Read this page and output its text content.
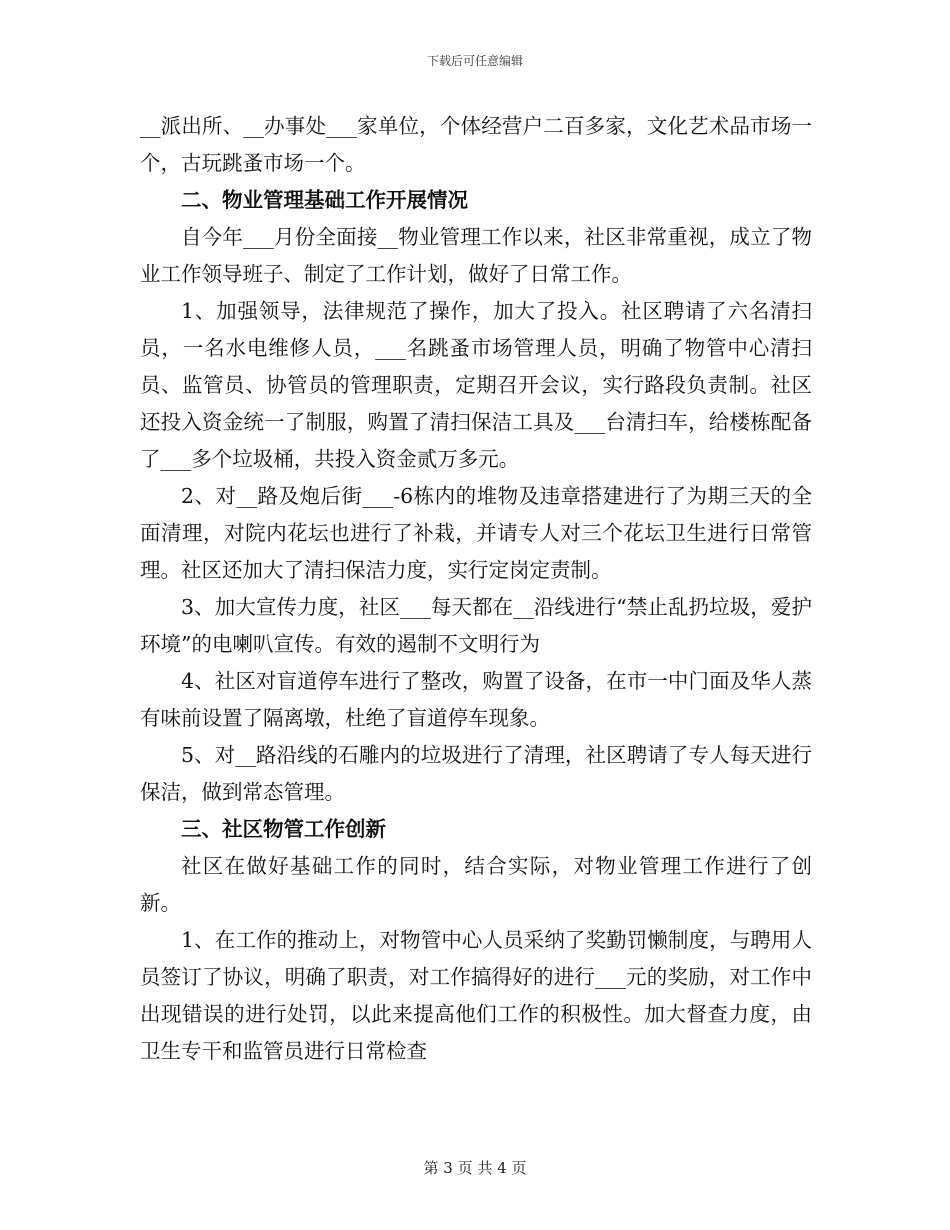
下载后可任意编辑

__派出所、__办事处___家单位，个体经营户二百多家，文化艺术品市场一个，古玩跳蚤市场一个。

二、物业管理基础工作开展情况

自今年___月份全面接__物业管理工作以来，社区非常重视，成立了物业工作领导班子、制定了工作计划，做好了日常工作。

1、加强领导，法律规范了操作，加大了投入。社区聘请了六名清扫员，一名水电维修人员，___名跳蚤市场管理人员，明确了物管中心清扫员、监管员、协管员的管理职责，定期召开会议，实行路段负责制。社区还投入资金统一了制服，购置了清扫保洁工具及___台清扫车，给楼栋配备了___多个垃圾桶，共投入资金贰万多元。

2、对__路及炮后街___-6栋内的堆物及违章搭建进行了为期三天的全面清理，对院内花坛也进行了补栽，并请专人对三个花坛卫生进行日常管理。社区还加大了清扫保洁力度，实行定岗定责制。

3、加大宣传力度，社区___每天都在__沿线进行“禁止乱扔垃圾，爱护环境”的电喇叭宣传。有效的遏制不文明行为

4、社区对盲道停车进行了整改，购置了设备，在市一中门面及华人蒸有味前设置了隔离墩，杜绝了盲道停车现象。

5、对__路沿线的石雕内的垃圾进行了清理，社区聘请了专人每天进行保洁，做到常态管理。

三、社区物管工作创新

社区在做好基础工作的同时，结合实际，对物业管理工作进行了创新。

1、在工作的推动上，对物管中心人员采纳了奖勤罚懒制度，与聘用人员签订了协议，明确了职责，对工作搞得好的进行___元的奖励，对工作中出现错误的进行处罚，以此来提高他们工作的积极性。加大督查力度，由卫生专干和监管员进行日常检查

第 3 页 共 4 页
